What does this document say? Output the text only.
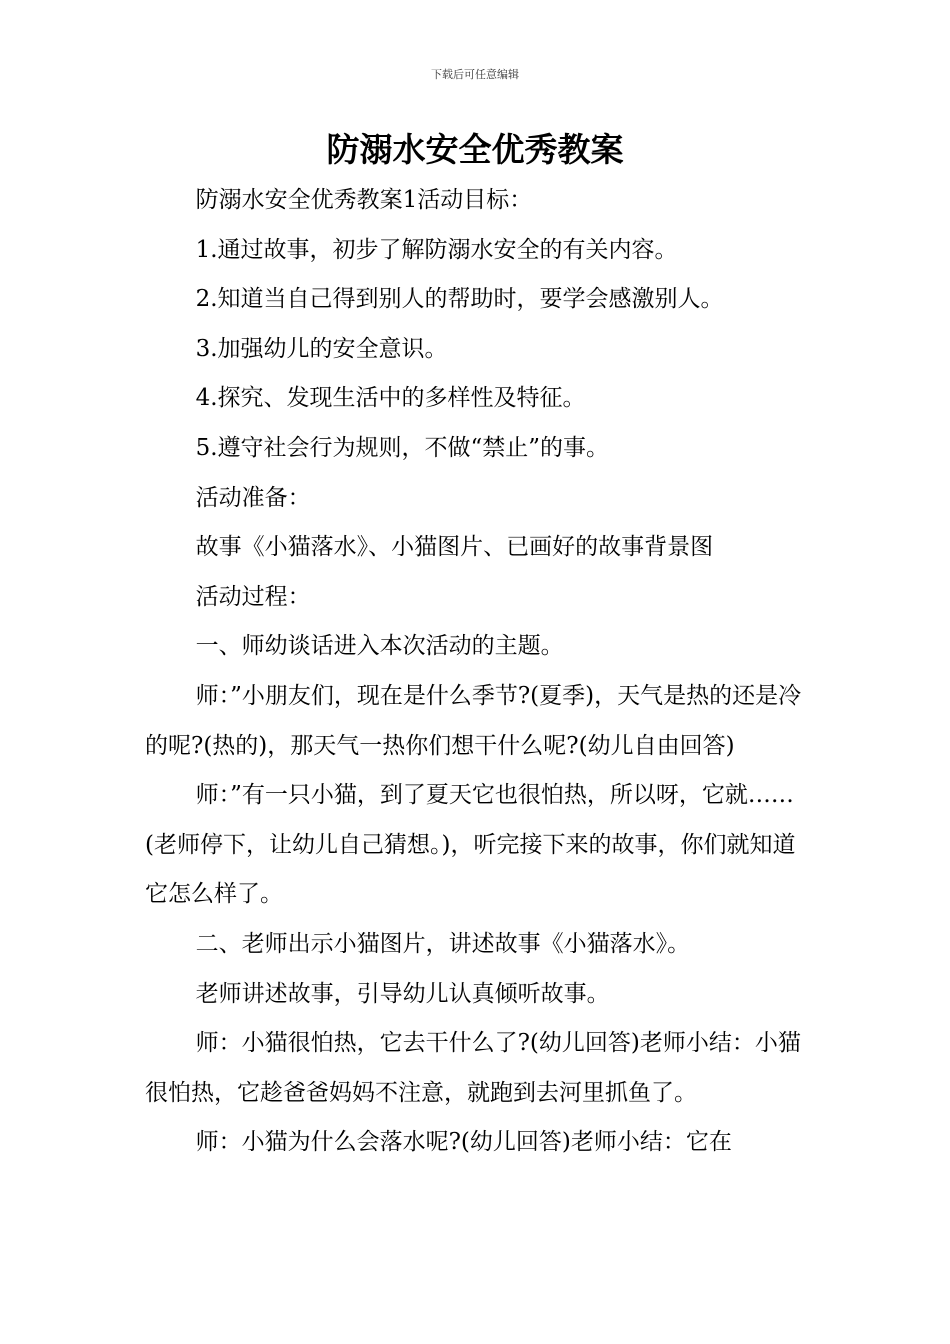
下载后可任意编辑
防溺水安全优秀教案

防溺水安全优秀教案1活动目标：

1.通过故事，初步了解防溺水安全的有关内容。

2.知道当自己得到别人的帮助时，要学会感激别人。

3.加强幼儿的安全意识。

4.探究、发现生活中的多样性及特征。

5.遵守社会行为规则，不做“禁止”的事。

活动准备：

故事《小猫落水》、小猫图片、已画好的故事背景图

活动过程：

一、师幼谈话进入本次活动的主题。

师：”小朋友们，现在是什么季节?(夏季)，天气是热的还是冷的呢?(热的)，那天气一热你们想干什么呢?(幼儿自由回答)

师：”有一只小猫，到了夏天它也很怕热，所以呀，它就……(老师停下，让幼儿自己猜想。)，听完接下来的故事，你们就知道它怎么样了。

二、老师出示小猫图片，讲述故事《小猫落水》。

老师讲述故事，引导幼儿认真倾听故事。

师：小猫很怕热，它去干什么了?(幼儿回答)老师小结：小猫很怕热，它趁爸爸妈妈不注意，就跑到去河里抓鱼了。

师：小猫为什么会落水呢?(幼儿回答)老师小结：它在
